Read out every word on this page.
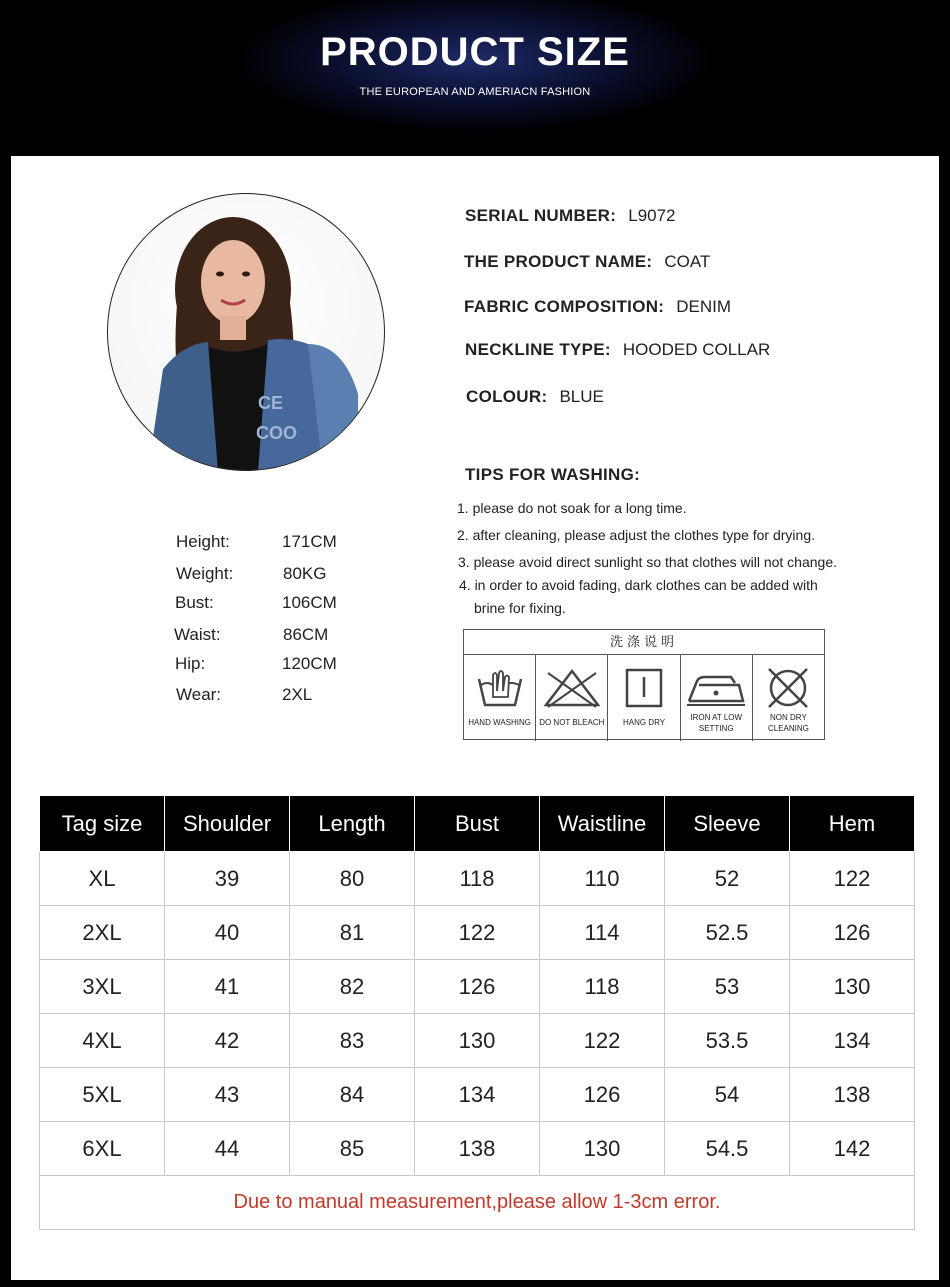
PRODUCT SIZE
THE EUROPEAN AND AMERIACN FASHION
CE
COO
SERIAL NUMBER: L9072
THE PRODUCT NAME: COAT
FABRIC COMPOSITION: DENIM
NECKLINE TYPE: HOODED COLLAR
COLOUR: BLUE
TIPS FOR WASHING:
1. please do not soak for a long time.
2. after cleaning, please adjust the clothes type for drying.
3. please avoid direct sunlight so that clothes will not change.
4. in order to avoid fading, dark clothes can be added with
brine for fixing.
Height:	171CM
Weight:	80KG
Bust:	106CM
Waist:	86CM
Hip:	120CM
Wear:	2XL
洗涤说明
HAND WASHING	DO NOT BLEACH	HANG DRY
IRON AT LOW SETTING
NON DRY CLEANING
Tag size	Shoulder	Length	Bust	Waistline	Sleeve	Hem
XL	39	80	118	110	52	122
2XL	40	81	122	114	52.5	126
3XL	41	82	126	118	53	130
4XL	42	83	130	122	53.5	134
5XL	43	84	134	126	54	138
6XL	44	85	138	130	54.5	142
Due to manual measurement,please allow 1-3cm error.						
